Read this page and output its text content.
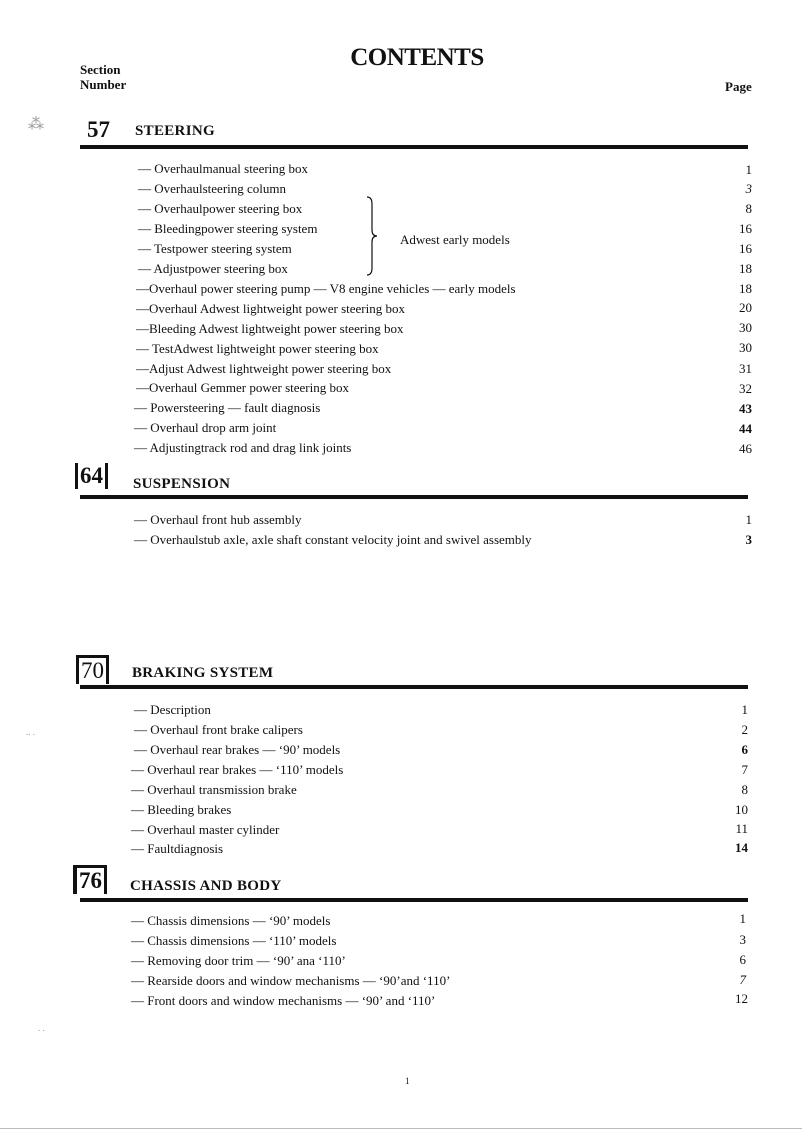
CONTENTS
Section
Number	Page
⁂
.. .
. .
57 STEERING
— Overhaulmanual steering box	1
— Overhaulsteering column	3
— Overhaulpower steering box	8
— Bleedingpower steering system	16
— Testpower steering system	16
— Adjustpower steering box	18
Adwest early models
—Overhaul power steering pump — V8 engine vehicles — early models	18
—Overhaul Adwest lightweight power steering box	20
—Bleeding Adwest lightweight power steering box	30
— TestAdwest lightweight power steering box	30
—Adjust Adwest lightweight power steering box	31
—Overhaul Gemmer power steering box	32
— Powersteering — fault diagnosis	43
— Overhaul drop arm joint	44
— Adjustingtrack rod and drag link joints	46
64	SUSPENSION
— Overhaul front hub assembly	1
— Overhaulstub axle, axle shaft constant velocity joint and swivel assembly	3
70	BRAKING SYSTEM
— Description	1
— Overhaul front brake calipers	2
— Overhaul rear brakes — ‘90’ models	6
— Overhaul rear brakes — ‘110’ models	7
— Overhaul transmission brake	8
— Bleeding brakes	10
— Overhaul master cylinder	11
— Faultdiagnosis	14
76	CHASSIS AND BODY
— Chassis dimensions — ‘90’ models	1
— Chassis dimensions — ‘110’ models	3
— Removing door trim — ‘90’ ana ‘110’	6
— Rearside doors and window mechanisms — ‘90’and ‘110’	7
— Front doors and window mechanisms — ‘90’ and ‘110’	12
1
